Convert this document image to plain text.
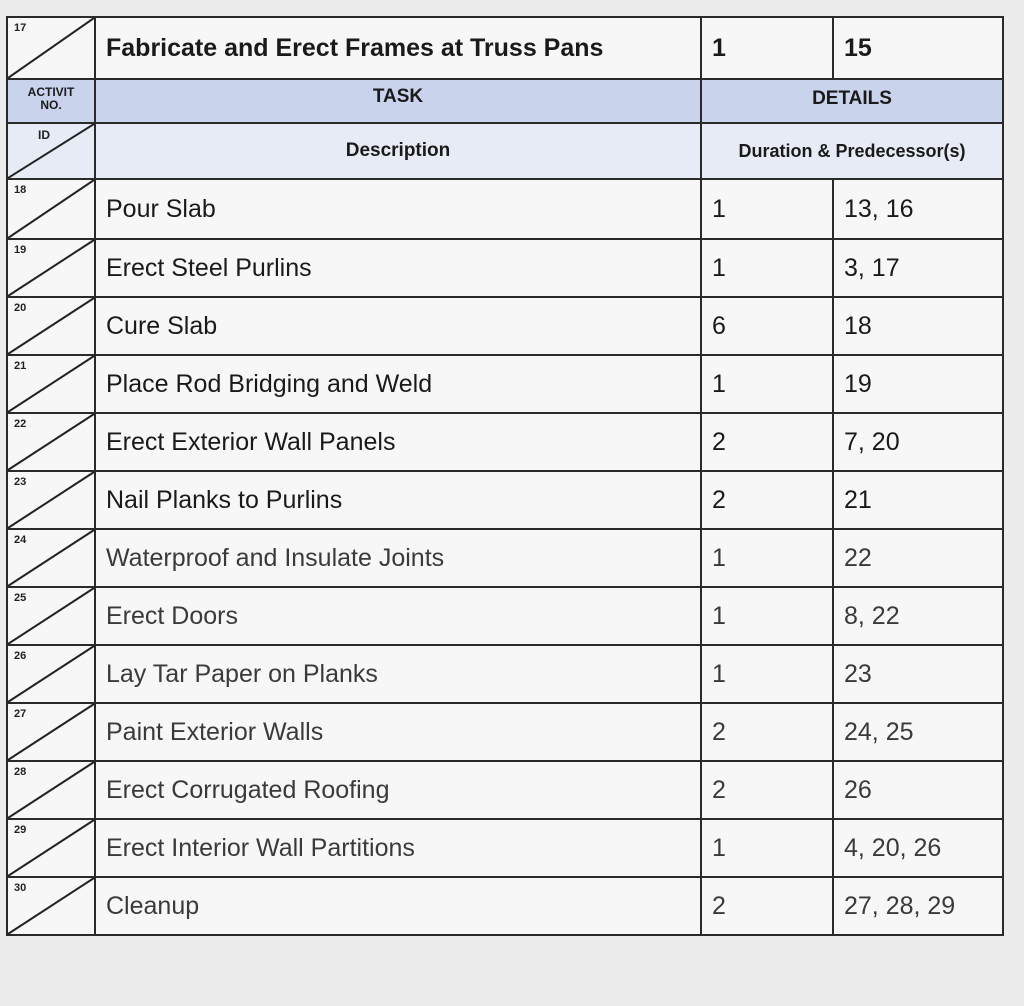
17	Fabricate and Erect Frames at Truss Pans	1	15

ACTIVIT
NO.	TASK	DETAILS	

ID	Description	Duration & Predecessor(s)	

18	Pour Slab	1	13, 16

19	Erect Steel Purlins	1	3, 17

20	Cure Slab	6	18

21	Place Rod Bridging and Weld	1	19

22	Erect Exterior Wall Panels	2	7, 20

23	Nail Planks to Purlins	2	21

24	Waterproof and Insulate Joints	1	22

25	Erect Doors	1	8, 22

26	Lay Tar Paper on Planks	1	23

27	Paint Exterior Walls	2	24, 25

28	Erect Corrugated Roofing	2	26

29	Erect Interior Wall Partitions	1	4, 20, 26

30	Cleanup	2	27, 28, 29
